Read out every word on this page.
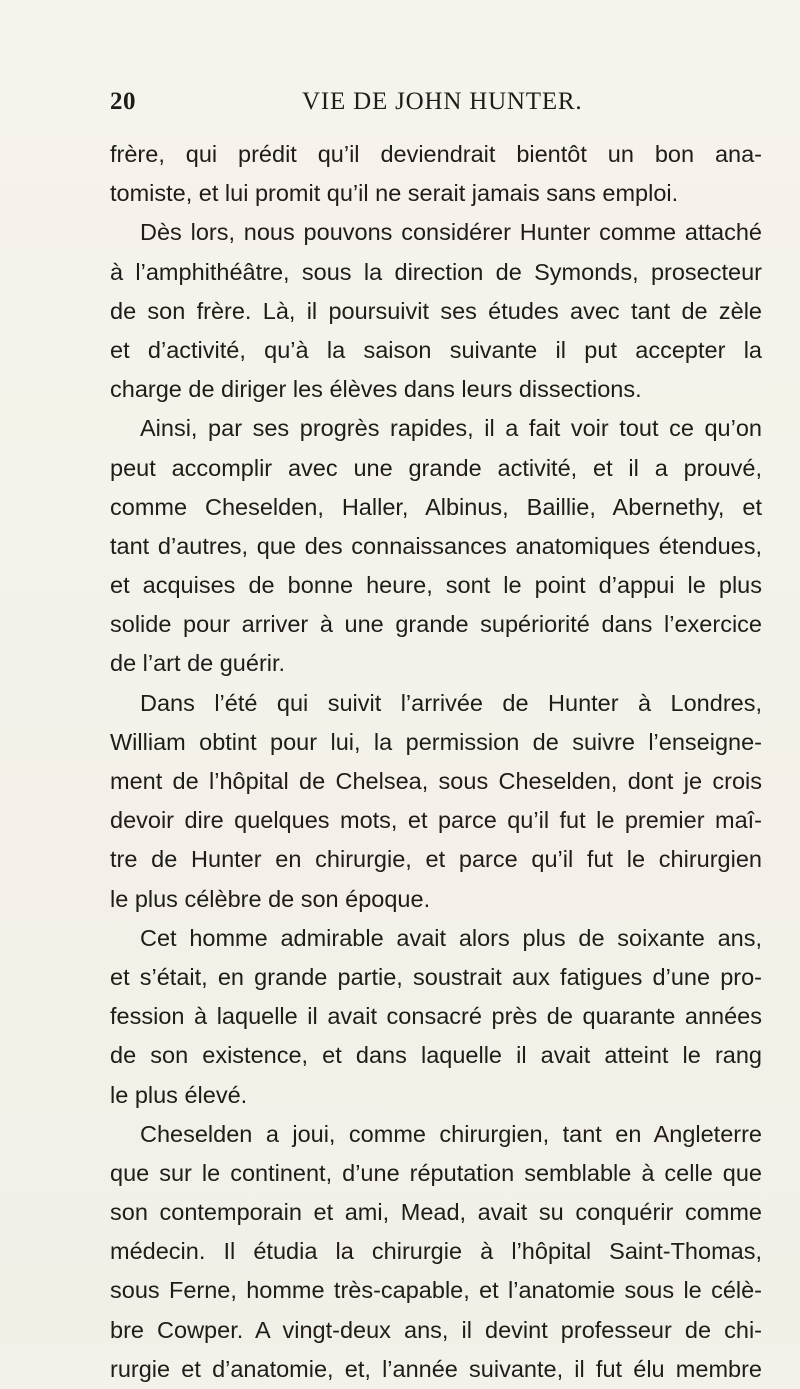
20	VIE DE JOHN HUNTER.
frère, qui prédit qu’il deviendrait bientôt un bon ana-
tomiste, et lui promit qu’il ne serait jamais sans emploi.
Dès lors, nous pouvons considérer Hunter comme attaché
à l’amphithéâtre, sous la direction de Symonds, prosecteur
de son frère. Là, il poursuivit ses études avec tant de zèle
et d’activité, qu’à la saison suivante il put accepter la
charge de diriger les élèves dans leurs dissections.
Ainsi, par ses progrès rapides, il a fait voir tout ce qu’on
peut accomplir avec une grande activité, et il a prouvé,
comme Cheselden, Haller, Albinus, Baillie, Abernethy, et
tant d’autres, que des connaissances anatomiques étendues,
et acquises de bonne heure, sont le point d’appui le plus
solide pour arriver à une grande supériorité dans l’exercice
de l’art de guérir.
Dans l’été qui suivit l’arrivée de Hunter à Londres,
William obtint pour lui, la permission de suivre l’enseigne-
ment de l’hôpital de Chelsea, sous Cheselden, dont je crois
devoir dire quelques mots, et parce qu’il fut le premier maî-
tre de Hunter en chirurgie, et parce qu’il fut le chirurgien
le plus célèbre de son époque.
Cet homme admirable avait alors plus de soixante ans,
et s’était, en grande partie, soustrait aux fatigues d’une pro-
fession à laquelle il avait consacré près de quarante années
de son existence, et dans laquelle il avait atteint le rang
le plus élevé.
Cheselden a joui, comme chirurgien, tant en Angleterre
que sur le continent, d’une réputation semblable à celle que
son contemporain et ami, Mead, avait su conquérir comme
médecin. Il étudia la chirurgie à l’hôpital Saint-Thomas,
sous Ferne, homme très-capable, et l’anatomie sous le célè-
bre Cowper. A vingt-deux ans, il devint professeur de chi-
rurgie et d’anatomie, et, l’année suivante, il fut élu membre
